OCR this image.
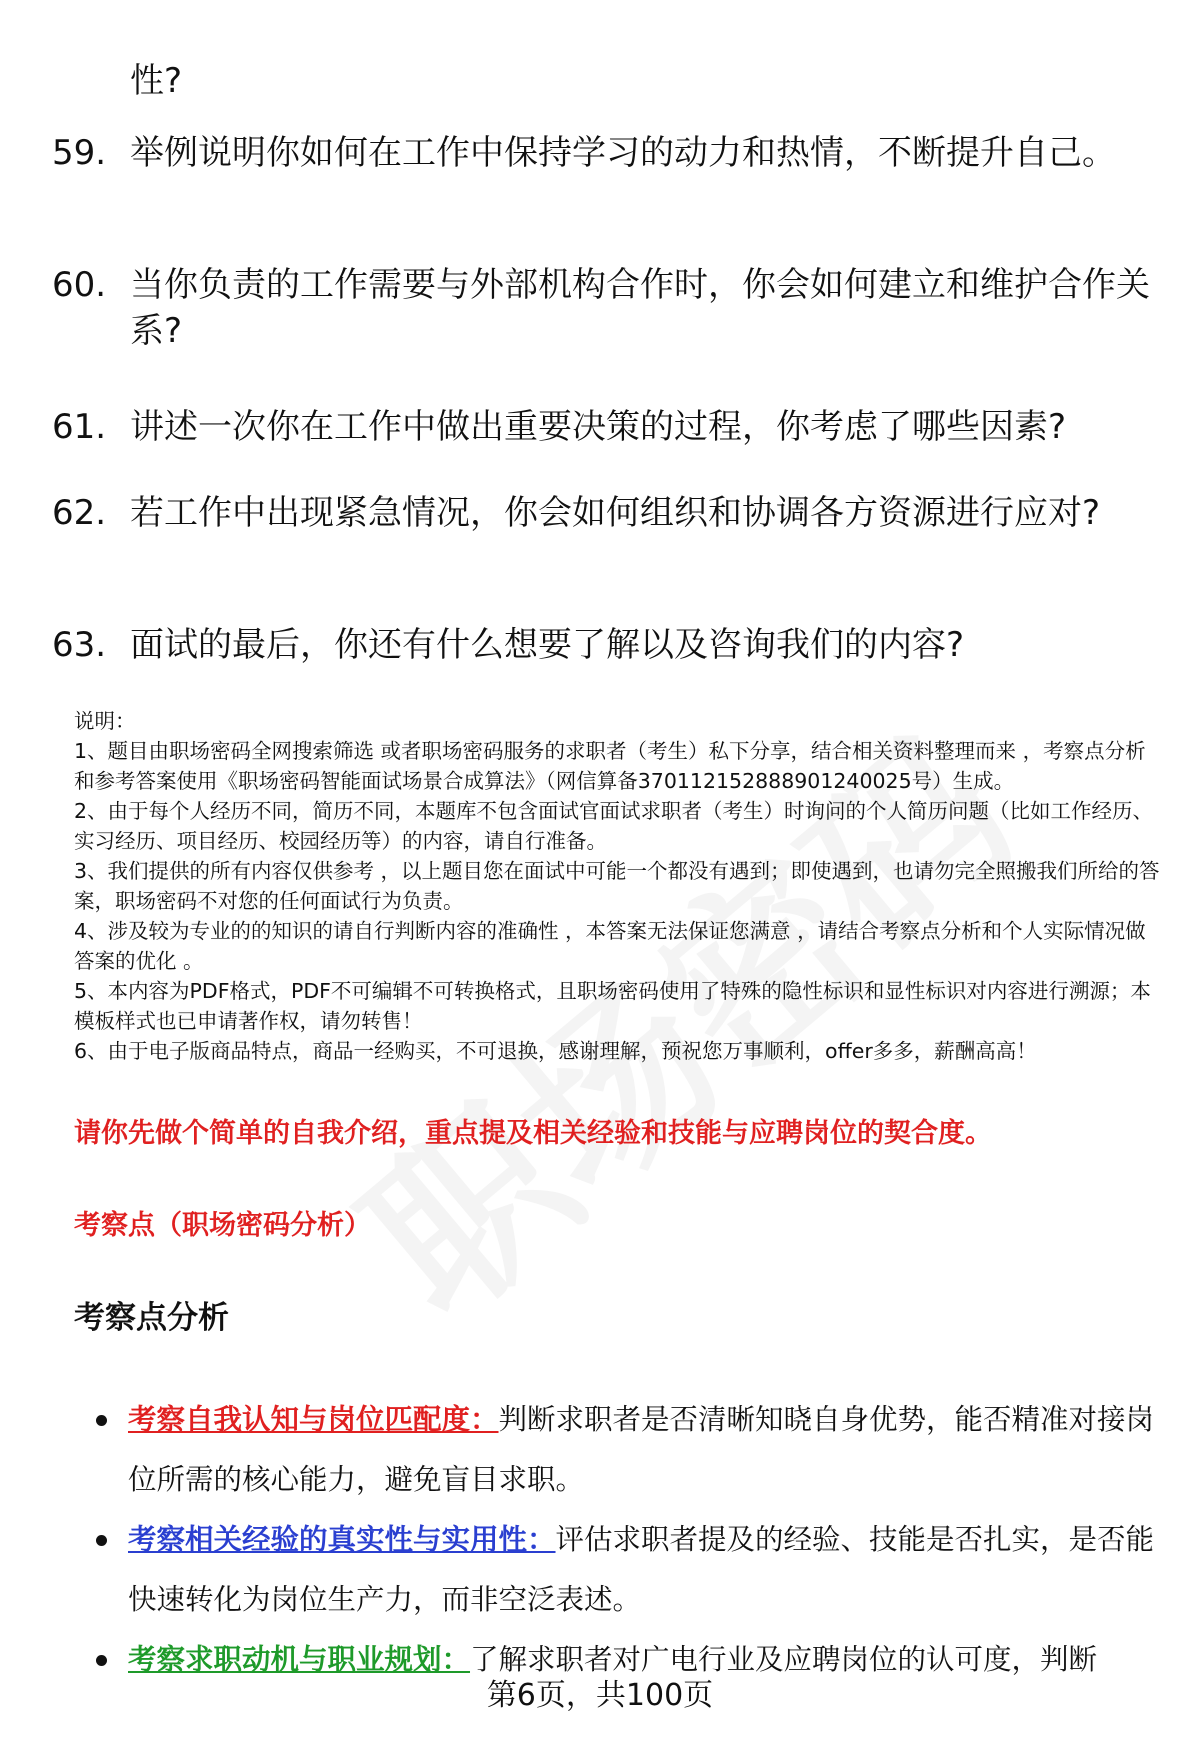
性?
59. 举例说明你如何在工作中保持学习的动力和热情，不断提升自己。
60. 当你负责的工作需要与外部机构合作时，你会如何建立和维护合作关系?
61. 讲述一次你在工作中做出重要决策的过程，你考虑了哪些因素?
62. 若工作中出现紧急情况，你会如何组织和协调各方资源进行应对?
63. 面试的最后，你还有什么想要了解以及咨询我们的内容?

说明：

1、题目由职场密码全网搜索筛选 或者职场密码服务的求职者（考生）私下分享，结合相关资料整理而来 ，考察点分析和参考答案使用《职场密码智能面试场景合成算法》（网信算备370112152888901240025号）生成。

2、由于每个人经历不同，简历不同，本题库不包含面试官面试求职者（考生）时询问的个人简历问题（比如工作经历、实习经历、项目经历、校园经历等）的内容，请自行准备。

3、我们提供的所有内容仅供参考 ，以上题目您在面试中可能一个都没有遇到；即使遇到，也请勿完全照搬我们所给的答案，职场密码不对您的任何面试行为负责。

4、涉及较为专业的的知识的请自行判断内容的准确性 ，本答案无法保证您满意 ，请结合考察点分析和个人实际情况做答案的优化 。

5、本内容为PDF格式，PDF不可编辑不可转换格式，且职场密码使用了特殊的隐性标识和显性标识对内容进行溯源；本模板样式也已申请著作权，请勿转售！

6、由于电子版商品特点，商品一经购买，不可退换，感谢理解，预祝您万事顺利，offer多多，薪酬高高！

请你先做个简单的自我介绍，重点提及相关经验和技能与应聘岗位的契合度。
考察点（职场密码分析）
考察点分析
考察自我认知与岗位匹配度：判断求职者是否清晰知晓自身优势，能否精准对接岗位所需的核心能力，避免盲目求职。
考察相关经验的真实性与实用性：评估求职者提及的经验、技能是否扎实，是否能快速转化为岗位生产力，而非空泛表述。
考察求职动机与职业规划：了解求职者对广电行业及应聘岗位的认可度，判断
第6页，共100页
